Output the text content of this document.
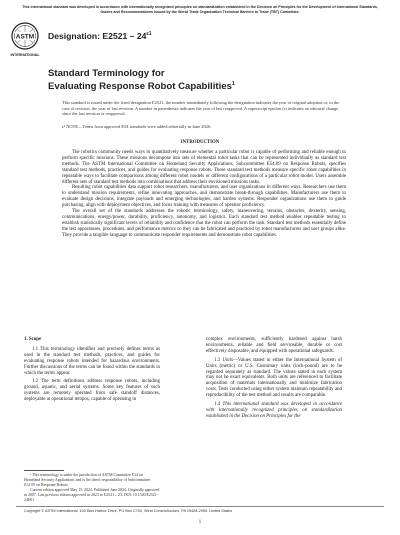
This international standard was developed in accordance with internationally recognized principles on standardization established in the Decision on Principles for the Development of International Standards, Guides and Recommendations issued by the World Trade Organization Technical Barriers to Trade (TBT) Committee.
ASTM
INTERNATIONAL
Designation: $E2521 - 24^{\varepsilon 1}$
Standard Terminology for
Evaluating Response Robot Capabilities$^1$
This standard is issued under the fixed designation E2521; the number immediately following the designation indicates the year of original adoption or, in the case of revision, the year of last revision. A number in parentheses indicates the year of last reapproval. A superscript epsilon (ε) indicates an editorial change since the last revision or reapproval.
ε¹ NOTE—Terms from approved E54 standards were added editorially in June 2026.
INTRODUCTION

The robotics community needs ways to quantitatively measure whether a particular robot is capable of performing and reliable enough to perform specific missions. These missions decompose into sets of elemental robot tasks that can be represented individually as standard test methods. The ASTM International Committee on Homeland Security Applications, Subcommittee E54.09 on Response Robots, specifies standard test methods, practices, and guides for evaluating response robots. These standard test methods measure specific robot capabilities in repeatable ways to facilitate comparisons among different robot models or different configurations of a particular robot model. Users assemble different sets of standard test methods into combinations that address their envisioned missions tasks.

Resulting robot capabilities data support robot researchers, manufacturers, and user organizations in different ways. Researchers use them to understand mission requirements, refine innovating approaches, and demonstrate break-through capabilities. Manufacturers use them to evaluate design decisions, integrate payloads and emerging technologies, and harden systems. Responder organizations use them to guide purchasing, align with deployment objectives, and focus training with measures of operator proficiency.

The overall set of the standards addresses the robotic terminology, safety, maneuvering, terrains, obstacles, dexterity, sensing, communications, energy/power, durability, proficiency, autonomy, and logistics. Each standard test method enables repeatable testing to establish statistically significant levels of reliability and confidence that the robot can perform the task. Standard test methods essentially define the test apparatuses, procedures, and performance metrics so they can be fabricated and practiced by robot manufacturers and user groups alike. They provide a tangible language to communicate responder requirements and demonstrate robot capabilities.

1. Scope

1.1 This terminology identifies and precisely defines terms as used in the standard test methods, practices, and guides for evaluating response robots intended for hazardous environments. Further discussions of the terms can be found within the standards in which the terms appear.

1.2 The term definitions address response robots, including ground, aquatic, and aerial systems. Some key features of such systems are remotely operated from safe standoff distances, deployable at operational tempos, capable of operating in

complex environments, sufficiently hardened against harsh environments, reliable and field serviceable, durable or cost effectively disposable, and equipped with operational safeguards.

1.3 Units—Values stated in either the International System of Units (metric) or U.S. Customary units (inch-pound) are to be regarded separately as standard. The values stated in each system may not be exact equivalents. Both units are referenced to facilitate acquisition of materials internationally and minimize fabrication costs. Tests conducted using either system maintain repeatability and reproducibility of the test method and results are comparable.

1.4 This international standard was developed in accordance with internationally recognized principles on standardization established in the Decision on Principles for the

¹ This terminology is under the jurisdiction of ASTM Committee E54 on Homeland Security Applications and is the direct responsibility of Subcommittee E54.09 on Response Robots.

Current edition approved May 15, 2024. Published June 2024. Originally approved in 2007. Last previous edition approved in 2023 as E2521 – 23. DOI: 10.1520/E2521-24E01.

Copyright © ASTM International, 100 Barr Harbor Drive, PO Box C700, West Conshohocken, PA 19428-2959. United States
1
